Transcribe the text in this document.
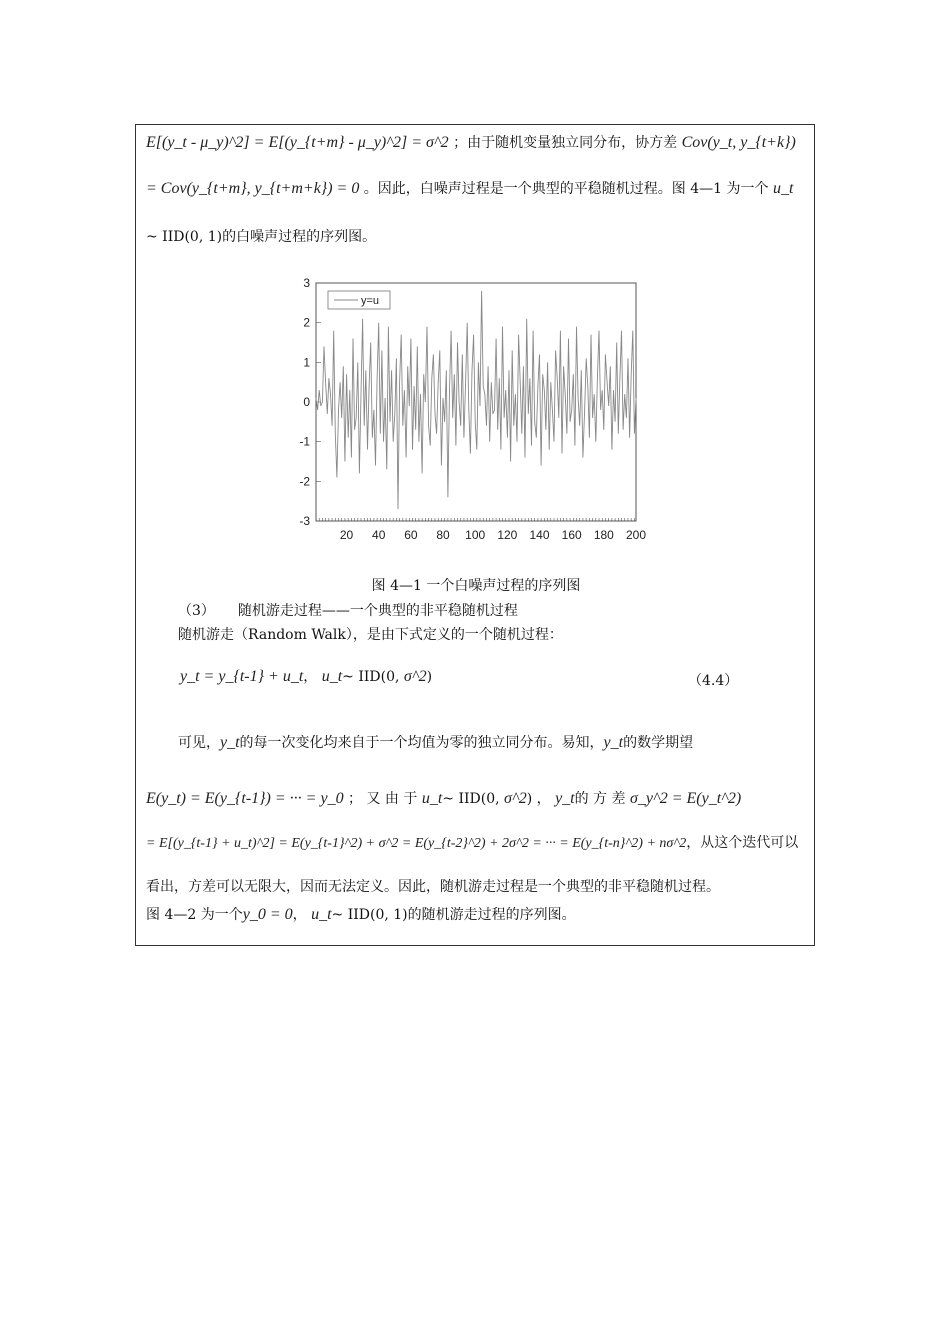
E[(y_t - μ_y)^2] = E[(y_{t+m} - μ_y)^2] = σ^2 ；由于随机变量独立同分布，协方差 Cov(y_t, y_{t+k})
= Cov(y_{t+m}, y_{t+m+k}) = 0 。因此，白噪声过程是一个典型的平稳随机过程。图 4—1 为一个 u_t
~ IID(0, 1)的白噪声过程的序列图。
20 40 60 80 100 120 140 160 180 200
3
2
1
0
-1
-2
-3
y=u
图 4—1 一个白噪声过程的序列图
（3） 随机游走过程——一个典型的非平稳随机过程
随机游走（Random Walk），是由下式定义的一个随机过程：
y_t = y_{t-1} + u_t， u_t~ IID(0, σ^2)	（4.4）
可见，y_t的每一次变化均来自于一个均值为零的独立同分布。易知，y_t的数学期望
E(y_t) = E(y_{t-1}) = ··· = y_0 ； 又 由 于 u_t~ IID(0, σ^2) ， y_t的 方 差 σ_y^2 = E(y_t^2)
= E[(y_{t-1} + u_t)^2] = E(y_{t-1}^2) + σ^2 = E(y_{t-2}^2) + 2σ^2 = ··· = E(y_{t-n}^2) + nσ^2，从这个迭代可以
看出，方差可以无限大，因而无法定义。因此，随机游走过程是一个典型的非平稳随机过程。
图 4—2 为一个y_0 = 0， u_t~ IID(0, 1)的随机游走过程的序列图。
